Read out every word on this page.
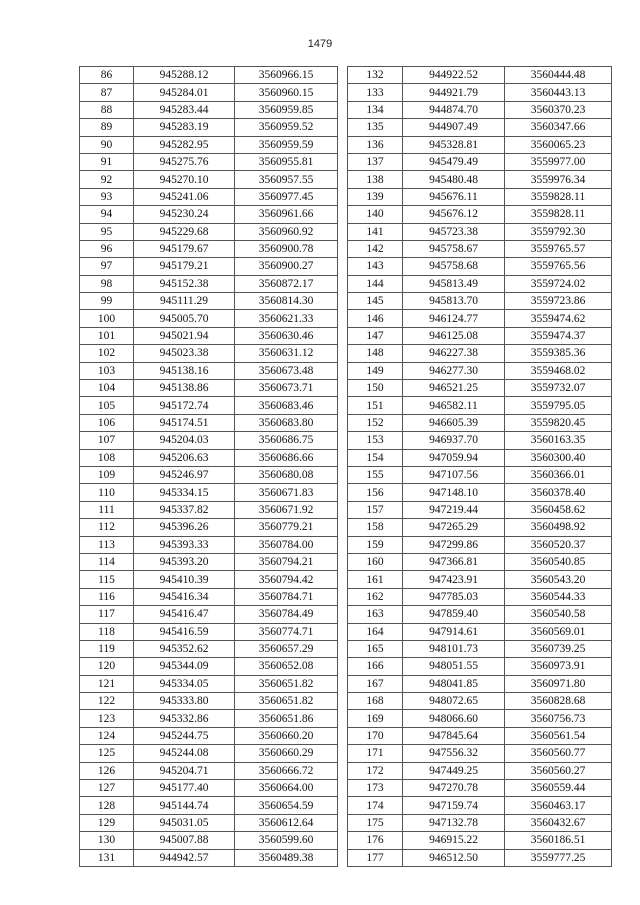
1479
86	945288.12	3560966.15
87	945284.01	3560960.15
88	945283.44	3560959.85
89	945283.19	3560959.52
90	945282.95	3560959.59
91	945275.76	3560955.81
92	945270.10	3560957.55
93	945241.06	3560977.45
94	945230.24	3560961.66
95	945229.68	3560960.92
96	945179.67	3560900.78
97	945179.21	3560900.27
98	945152.38	3560872.17
99	945111.29	3560814.30
100	945005.70	3560621.33
101	945021.94	3560630.46
102	945023.38	3560631.12
103	945138.16	3560673.48
104	945138.86	3560673.71
105	945172.74	3560683.46
106	945174.51	3560683.80
107	945204.03	3560686.75
108	945206.63	3560686.66
109	945246.97	3560680.08
110	945334.15	3560671.83
111	945337.82	3560671.92
112	945396.26	3560779.21
113	945393.33	3560784.00
114	945393.20	3560794.21
115	945410.39	3560794.42
116	945416.34	3560784.71
117	945416.47	3560784.49
118	945416.59	3560774.71
119	945352.62	3560657.29
120	945344.09	3560652.08
121	945334.05	3560651.82
122	945333.80	3560651.82
123	945332.86	3560651.86
124	945244.75	3560660.20
125	945244.08	3560660.29
126	945204.71	3560666.72
127	945177.40	3560664.00
128	945144.74	3560654.59
129	945031.05	3560612.64
130	945007.88	3560599.60
131	944942.57	3560489.38
132	944922.52	3560444.48
133	944921.79	3560443.13
134	944874.70	3560370.23
135	944907.49	3560347.66
136	945328.81	3560065.23
137	945479.49	3559977.00
138	945480.48	3559976.34
139	945676.11	3559828.11
140	945676.12	3559828.11
141	945723.38	3559792.30
142	945758.67	3559765.57
143	945758.68	3559765.56
144	945813.49	3559724.02
145	945813.70	3559723.86
146	946124.77	3559474.62
147	946125.08	3559474.37
148	946227.38	3559385.36
149	946277.30	3559468.02
150	946521.25	3559732.07
151	946582.11	3559795.05
152	946605.39	3559820.45
153	946937.70	3560163.35
154	947059.94	3560300.40
155	947107.56	3560366.01
156	947148.10	3560378.40
157	947219.44	3560458.62
158	947265.29	3560498.92
159	947299.86	3560520.37
160	947366.81	3560540.85
161	947423.91	3560543.20
162	947785.03	3560544.33
163	947859.40	3560540.58
164	947914.61	3560569.01
165	948101.73	3560739.25
166	948051.55	3560973.91
167	948041.85	3560971.80
168	948072.65	3560828.68
169	948066.60	3560756.73
170	947845.64	3560561.54
171	947556.32	3560560.77
172	947449.25	3560560.27
173	947270.78	3560559.44
174	947159.74	3560463.17
175	947132.78	3560432.67
176	946915.22	3560186.51
177	946512.50	3559777.25
